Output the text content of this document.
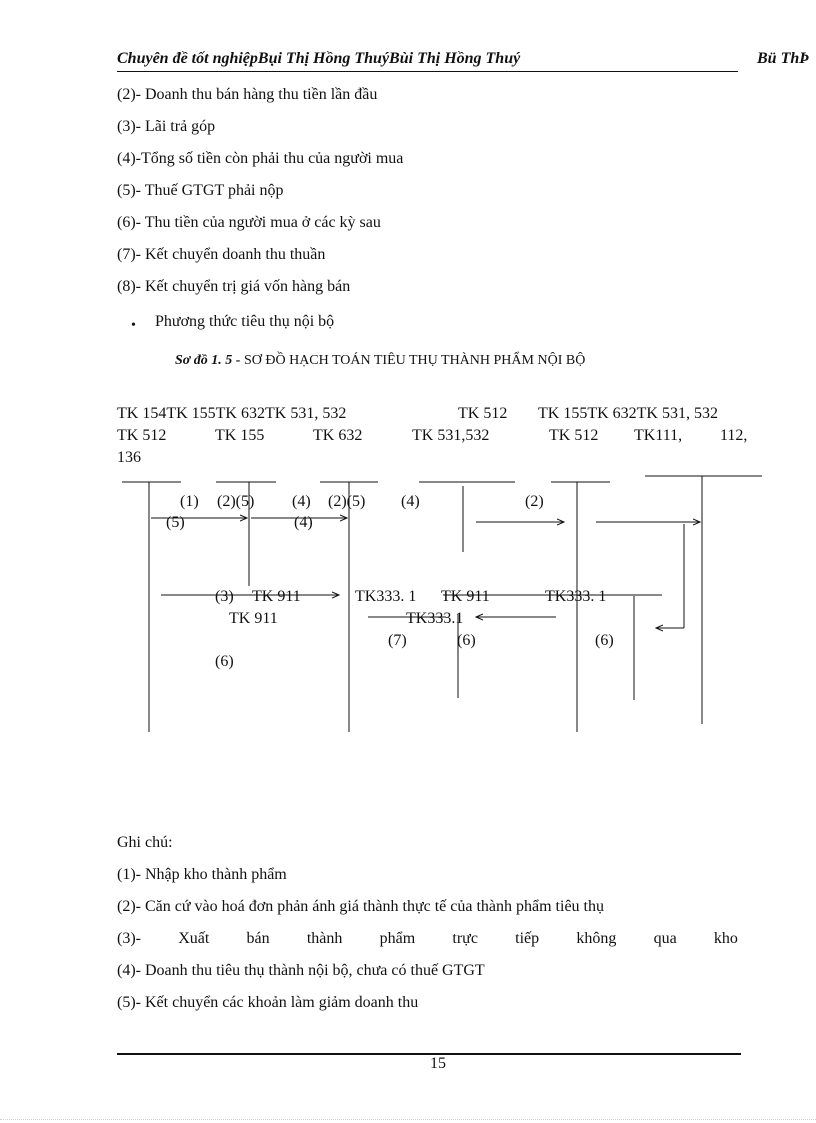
Chuyên đề tốt nghiệpBụi Thị Hồng ThuýBùi Thị Hồng Thuý	Bü ThÞ
(2)- Doanh thu bán hàng thu tiền lần đầu
(3)- Lãi trả góp
(4)-Tổng số tiền còn phải thu của người mua
(5)- Thuế GTGT phải nộp
(6)- Thu tiền của người mua ở các kỳ sau
(7)- Kết chuyển doanh thu thuần
(8)- Kết chuyển trị giá vốn hàng bán
• Phương thức tiêu thụ nội bộ
Sơ đồ 1. 5 - SƠ ĐỒ HẠCH TOÁN TIÊU THỤ THÀNH PHẨM NỘI BỘ
TK 154TK 155TK 632TK 531, 532	TK 512 TK 155TK 632TK 531, 532
TK 512	TK 155	TK 632	TK 531,532	TK 512 TK111, 112,
136
(1) (2)(5) (4) (2)(5) (4)	(2)
(5)	(4)
(3) TK 911	TK333. 1 TK 911	TK333. 1
TK 911	TK333.1
(7)	(6)	(6)
(6)
Ghi chú:
(1)- Nhập kho thành phẩm
(2)- Căn cứ vào hoá đơn phản ánh giá thành thực tế của thành phẩm tiêu thụ
(3)- Xuất bán thành phẩm trực tiếp không qua kho
(4)- Doanh thu tiêu thụ thành nội bộ, chưa có thuế GTGT
(5)- Kết chuyển các khoản làm giảm doanh thu
15
